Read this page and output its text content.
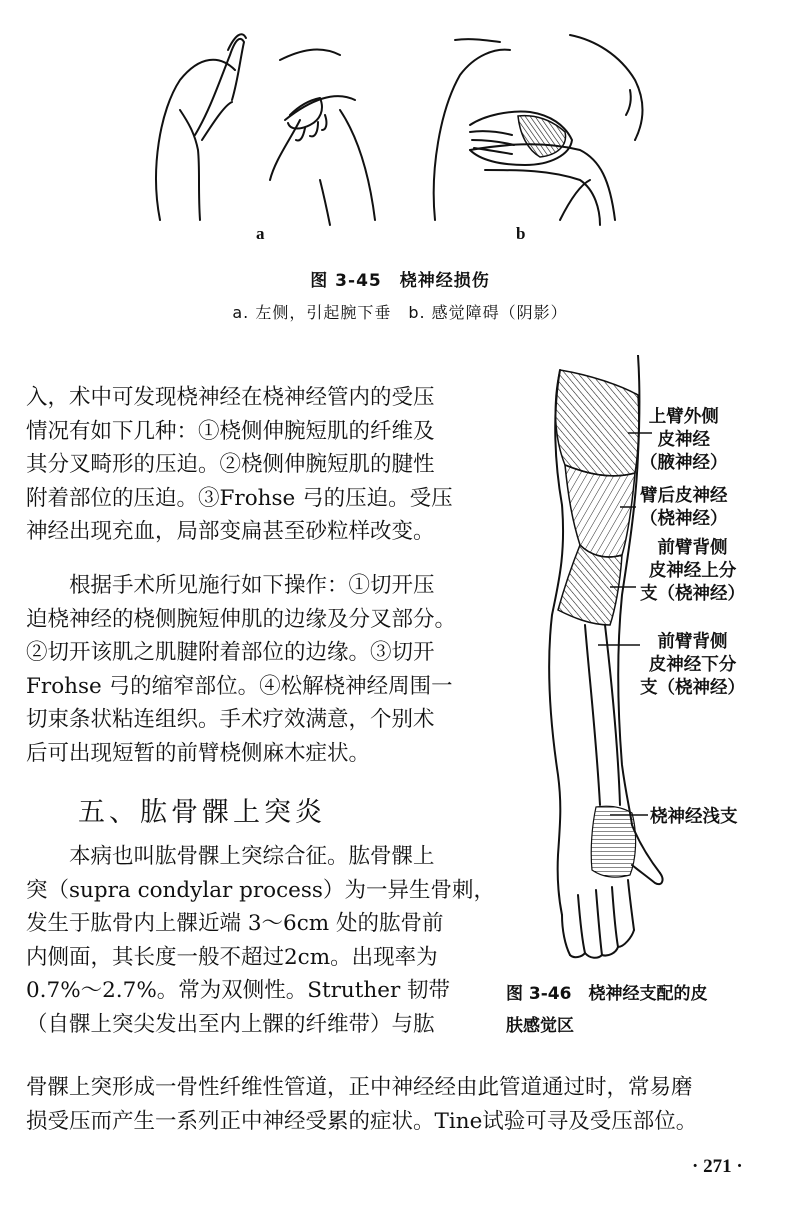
a	b
图 3-45　桡神经损伤
a. 左侧，引起腕下垂　b. 感觉障碍（阴影）
入，术中可发现桡神经在桡神经管内的受压
情况有如下几种：①桡侧伸腕短肌的纤维及
其分叉畸形的压迫。②桡侧伸腕短肌的腱性
附着部位的压迫。③Frohse 弓的压迫。受压
神经出现充血，局部变扁甚至砂粒样改变。
　　根据手术所见施行如下操作：①切开压
迫桡神经的桡侧腕短伸肌的边缘及分叉部分。
②切开该肌之肌腱附着部位的边缘。③切开
Frohse 弓的缩窄部位。④松解桡神经周围一
切束条状粘连组织。手术疗效满意，个别术
后可出现短暂的前臂桡侧麻木症状。
五、肱骨髁上突炎
　　本病也叫肱骨髁上突综合征。肱骨髁上
突（supra condylar process）为一异生骨刺，
发生于肱骨内上髁近端 3～6cm 处的肱骨前
内侧面，其长度一般不超过2cm。出现率为
0.7%～2.7%。常为双侧性。Struther 韧带
（自髁上突尖发出至内上髁的纤维带）与肱
骨髁上突形成一骨性纤维性管道，正中神经经由此管道通过时，常易磨
损受压而产生一系列正中神经受累的症状。Tine试验可寻及受压部位。
上臂外侧
皮神经
（腋神经）
臂后皮神经
（桡神经）
前臂背侧
皮神经上分
支（桡神经）
前臂背侧
皮神经下分
支（桡神经）
桡神经浅支
图 3-46　桡神经支配的皮
肤感觉区
· 271 ·
